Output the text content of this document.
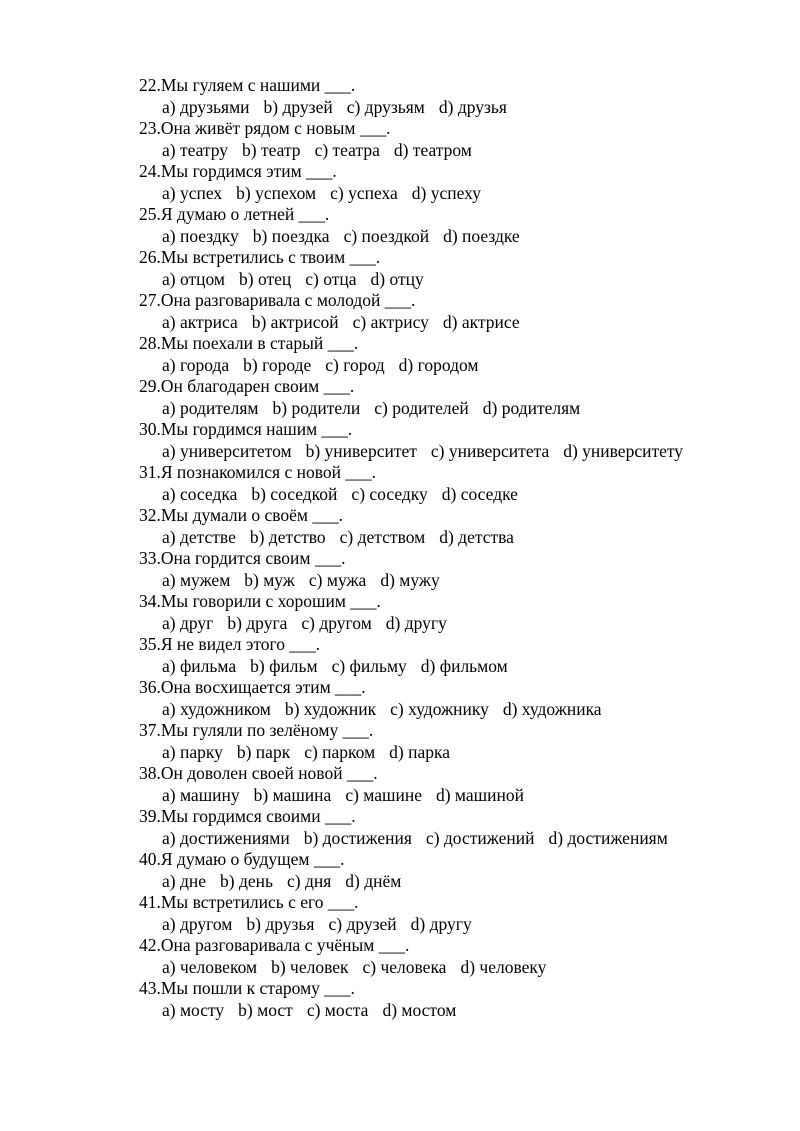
22.Мы гуляем с нашими ___.
a) друзьями b) друзей c) друзьям d) друзья
23.Она живёт рядом с новым ___.
a) театру b) театр c) театра d) театром
24.Мы гордимся этим ___.
a) успех b) успехом c) успеха d) успеху
25.Я думаю о летней ___.
a) поездку b) поездка c) поездкой d) поездке
26.Мы встретились с твоим ___.
a) отцом b) отец c) отца d) отцу
27.Она разговаривала с молодой ___.
a) актриса b) актрисой c) актрису d) актрисе
28.Мы поехали в старый ___.
a) города b) городе c) город d) городом
29.Он благодарен своим ___.
a) родителям b) родители c) родителей d) родителям
30.Мы гордимся нашим ___.
a) университетом b) университет c) университета d) университету
31.Я познакомился с новой ___.
a) соседка b) соседкой c) соседку d) соседке
32.Мы думали о своём ___.
a) детстве b) детство c) детством d) детства
33.Она гордится своим ___.
a) мужем b) муж c) мужа d) мужу
34.Мы говорили с хорошим ___.
a) друг b) друга c) другом d) другу
35.Я не видел этого ___.
a) фильма b) фильм c) фильму d) фильмом
36.Она восхищается этим ___.
a) художником b) художник c) художнику d) художника
37.Мы гуляли по зелёному ___.
a) парку b) парк c) парком d) парка
38.Он доволен своей новой ___.
a) машину b) машина c) машине d) машиной
39.Мы гордимся своими ___.
a) достижениями b) достижения c) достижений d) достижениям
40.Я думаю о будущем ___.
a) дне b) день c) дня d) днём
41.Мы встретились с его ___.
a) другом b) друзья c) друзей d) другу
42.Она разговаривала с учёным ___.
a) человеком b) человек c) человека d) человеку
43.Мы пошли к старому ___.
a) мосту b) мост c) моста d) мостом
